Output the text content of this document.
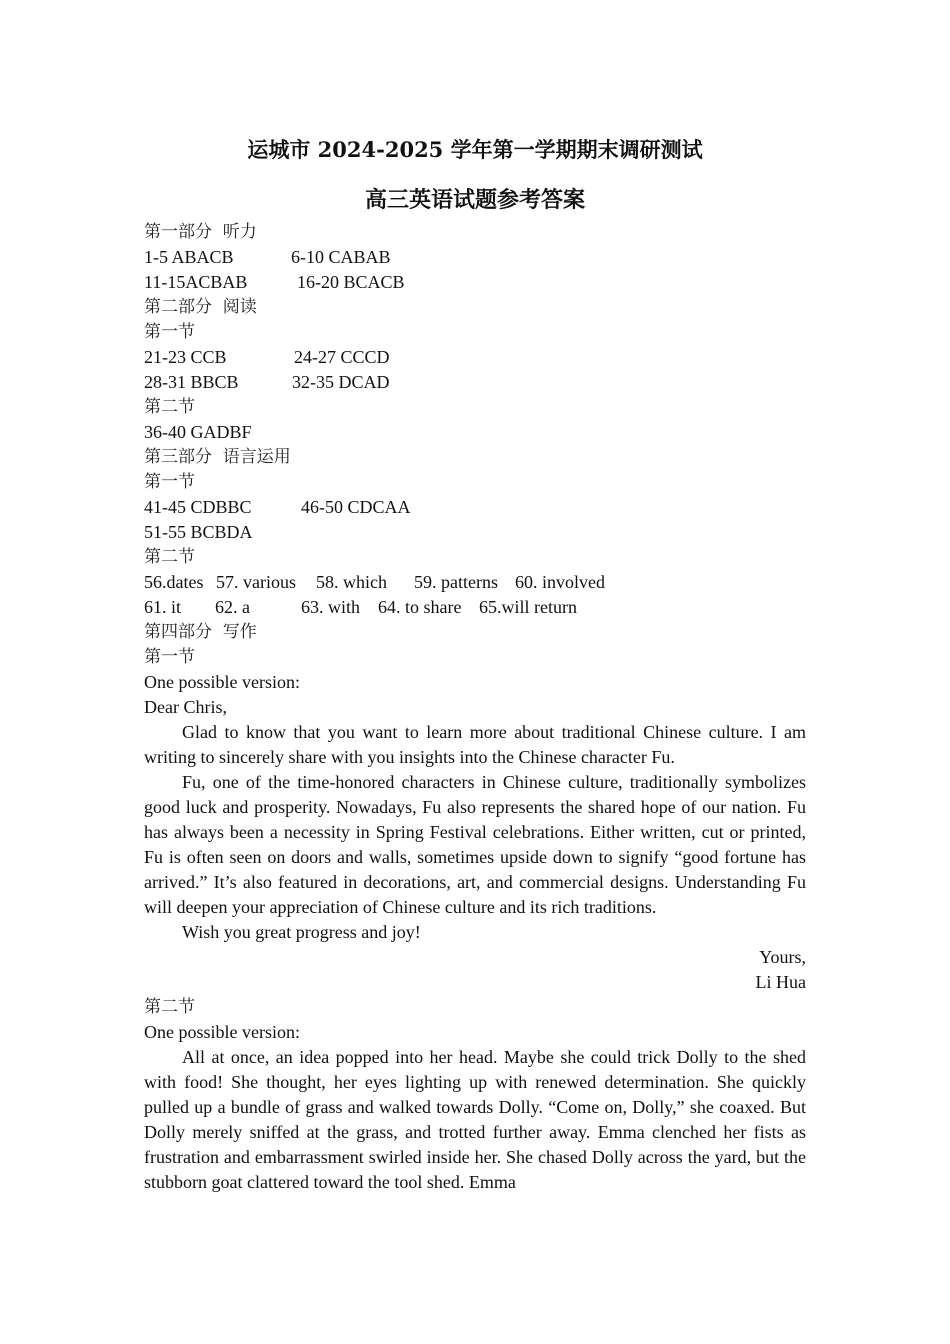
运城市 2024-2025 学年第一学期期末调研测试

高三英语试题参考答案

第一部分  听力

1-5 ABACB	6-10 CABAB

11-15ACBAB	16-20 BCACB

第二部分  阅读

第一节

21-23 CCB	24-27 CCCD

28-31 BBCB	32-35 DCAD

第二节

36-40 GADBF

第三部分  语言运用

第一节

41-45 CDBBC	46-50 CDCAA

51-55 BCBDA

第二节

56.dates 57. various 58. which 59. patterns 60. involved

61. it 62. a	63. with 64. to share 65.will return

第四部分  写作

第一节

One possible version:

Dear Chris,

Glad to know that you want to learn more about traditional Chinese culture. I am writing to sincerely share with you insights into the Chinese character Fu.

Fu, one of the time-honored characters in Chinese culture, traditionally symbolizes good luck and prosperity. Nowadays, Fu also represents the shared hope of our nation. Fu has always been a necessity in Spring Festival celebrations. Either written, cut or printed, Fu is often seen on doors and walls, sometimes upside down to signify “good fortune has arrived.” It’s also featured in decorations, art, and commercial designs. Understanding Fu will deepen your appreciation of Chinese culture and its rich traditions.

Wish you great progress and joy!

Yours,

Li Hua

第二节

One possible version:

All at once, an idea popped into her head. Maybe she could trick Dolly to the shed with food! She thought, her eyes lighting up with renewed determination. She quickly pulled up a bundle of grass and walked towards Dolly. “Come on, Dolly,” she coaxed. But Dolly merely sniffed at the grass, and trotted further away. Emma clenched her fists as frustration and embarrassment swirled inside her. She chased Dolly across the yard, but the stubborn goat clattered toward the tool shed. Emma
